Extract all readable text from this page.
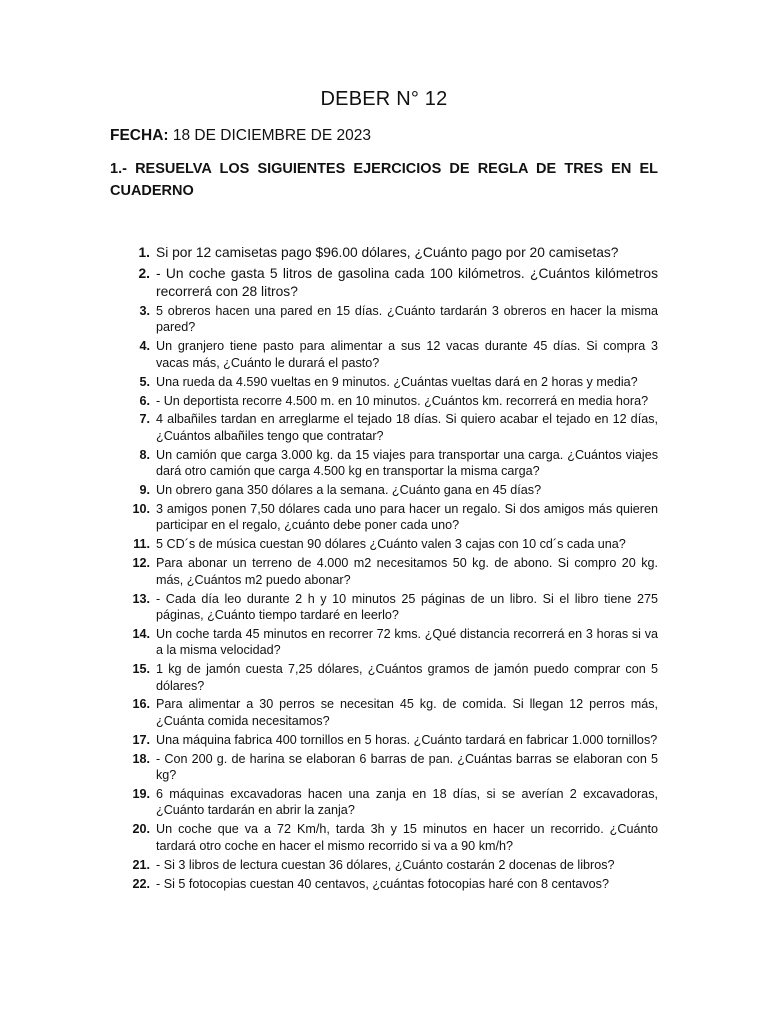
DEBER N° 12
FECHA: 18 DE DICIEMBRE DE 2023
1.- RESUELVA LOS SIGUIENTES EJERCICIOS DE REGLA DE TRES EN EL CUADERNO
1. Si por 12 camisetas pago $96.00 dólares, ¿Cuánto pago por 20 camisetas?
2. - Un coche gasta 5 litros de gasolina cada 100 kilómetros. ¿Cuántos kilómetros recorrerá con 28 litros?
3. 5 obreros hacen una pared en 15 días. ¿Cuánto tardarán 3 obreros en hacer la misma pared?
4. Un granjero tiene pasto para alimentar a sus 12 vacas durante 45 días. Si compra 3 vacas más, ¿Cuánto le durará el pasto?
5. Una rueda da 4.590 vueltas en 9 minutos. ¿Cuántas vueltas dará en 2 horas y media?
6. - Un deportista recorre 4.500 m. en 10 minutos. ¿Cuántos km. recorrerá en media hora?
7. 4 albañiles tardan en arreglarme el tejado 18 días. Si quiero acabar el tejado en 12 días, ¿Cuántos albañiles tengo que contratar?
8. Un camión que carga 3.000 kg. da 15 viajes para transportar una carga. ¿Cuántos viajes dará otro camión que carga 4.500 kg en transportar la misma carga?
9. Un obrero gana 350 dólares a la semana. ¿Cuánto gana en 45 días?
10. 3 amigos ponen 7,50 dólares cada uno para hacer un regalo. Si dos amigos más quieren participar en el regalo, ¿cuánto debe poner cada uno?
11. 5 CD´s de música cuestan 90 dólares ¿Cuánto valen 3 cajas con 10 cd´s cada una?
12. Para abonar un terreno de 4.000 m2 necesitamos 50 kg. de abono. Si compro 20 kg. más, ¿Cuántos m2 puedo abonar?
13. - Cada día leo durante 2 h y 10 minutos 25 páginas de un libro. Si el libro tiene 275 páginas, ¿Cuánto tiempo tardaré en leerlo?
14. Un coche tarda 45 minutos en recorrer 72 kms. ¿Qué distancia recorrerá en 3 horas si va a la misma velocidad?
15. 1 kg de jamón cuesta 7,25 dólares, ¿Cuántos gramos de jamón puedo comprar con 5 dólares?
16. Para alimentar a 30 perros se necesitan 45 kg. de comida. Si llegan 12 perros más, ¿Cuánta comida necesitamos?
17. Una máquina fabrica 400 tornillos en 5 horas. ¿Cuánto tardará en fabricar 1.000 tornillos?
18. - Con 200 g. de harina se elaboran 6 barras de pan. ¿Cuántas barras se elaboran con 5 kg?
19. 6 máquinas excavadoras hacen una zanja en 18 días, si se averían 2 excavadoras, ¿Cuánto tardarán en abrir la zanja?
20. Un coche que va a 72 Km/h, tarda 3h y 15 minutos en hacer un recorrido. ¿Cuánto tardará otro coche en hacer el mismo recorrido si va a 90 km/h?
21. - Si 3 libros de lectura cuestan 36 dólares, ¿Cuánto costarán 2 docenas de libros?
22. - Si 5 fotocopias cuestan 40 centavos, ¿cuántas fotocopias haré con 8 centavos?
